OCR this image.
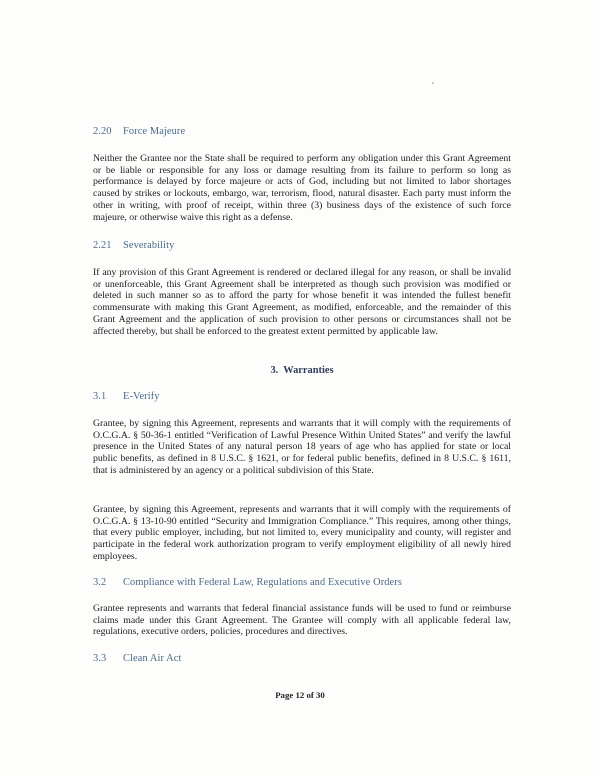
2.20 Force Majeure
Neither the Grantee nor the State shall be required to perform any obligation under this Grant Agreement or be liable or responsible for any loss or damage resulting from its failure to perform so long as performance is delayed by force majeure or acts of God, including but not limited to labor shortages caused by strikes or lockouts, embargo, war, terrorism, flood, natural disaster. Each party must inform the other in writing, with proof of receipt, within three (3) business days of the existence of such force majeure, or otherwise waive this right as a defense.
2.21 Severability
If any provision of this Grant Agreement is rendered or declared illegal for any reason, or shall be invalid or unenforceable, this Grant Agreement shall be interpreted as though such provision was modified or deleted in such manner so as to afford the party for whose benefit it was intended the fullest benefit commensurate with making this Grant Agreement, as modified, enforceable, and the remainder of this Grant Agreement and the application of such provision to other persons or circumstances shall not be affected thereby, but shall be enforced to the greatest extent permitted by applicable law.
3. Warranties
3.1 E-Verify
Grantee, by signing this Agreement, represents and warrants that it will comply with the requirements of O.C.G.A. § 50-36-1 entitled “Verification of Lawful Presence Within United States” and verify the lawful presence in the United States of any natural person 18 years of age who has applied for state or local public benefits, as defined in 8 U.S.C. § 1621, or for federal public benefits, defined in 8 U.S.C. § 1611, that is administered by an agency or a political subdivision of this State.
Grantee, by signing this Agreement, represents and warrants that it will comply with the requirements of O.C.G.A. § 13-10-90 entitled “Security and Immigration Compliance.” This requires, among other things, that every public employer, including, but not limited to, every municipality and county, will register and participate in the federal work authorization program to verify employment eligibility of all newly hired employees.
3.2 Compliance with Federal Law, Regulations and Executive Orders
Grantee represents and warrants that federal financial assistance funds will be used to fund or reimburse claims made under this Grant Agreement. The Grantee will comply with all applicable federal law, regulations, executive orders, policies, procedures and directives.
3.3 Clean Air Act
Page 12 of 30
